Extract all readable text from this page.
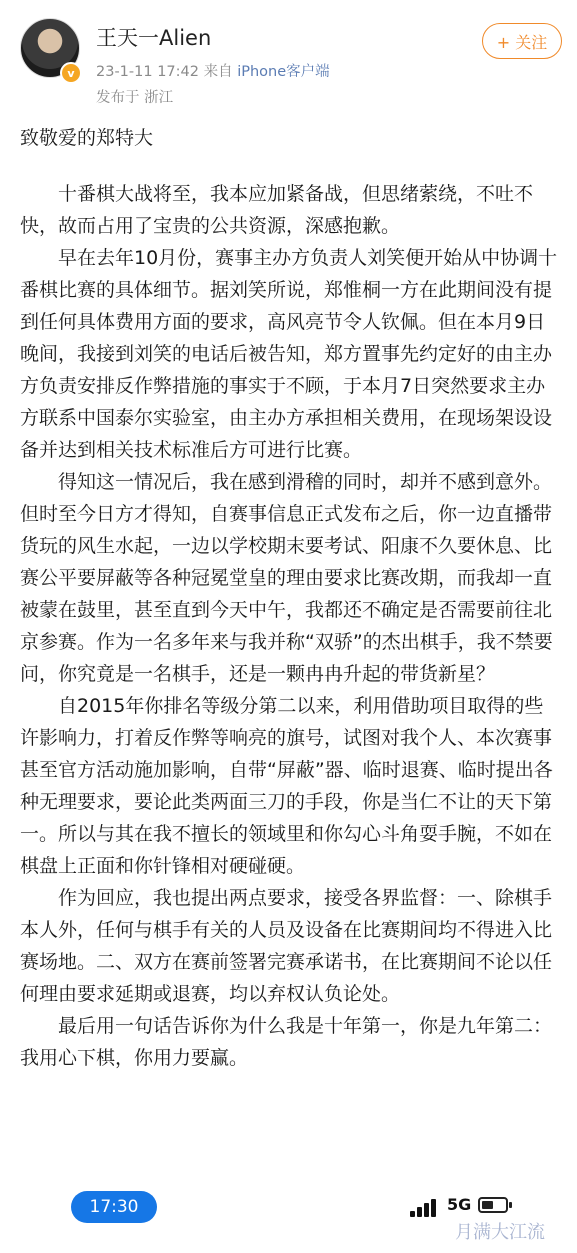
v
王天一Alien
23-1-11 17:42 来自 iPhone客户端
发布于 浙江
+ 关注

致敬爱的郑特大

十番棋大战将至，我本应加紧备战，但思绪萦绕，不吐不快，故而占用了宝贵的公共资源，深感抱歉。

早在去年10月份，赛事主办方负责人刘笑便开始从中协调十番棋比赛的具体细节。据刘笑所说，郑惟桐一方在此期间没有提到任何具体费用方面的要求，高风亮节令人钦佩。但在本月9日晚间，我接到刘笑的电话后被告知，郑方置事先约定好的由主办方负责安排反作弊措施的事实于不顾，于本月7日突然要求主办方联系中国泰尔实验室，由主办方承担相关费用，在现场架设设备并达到相关技术标准后方可进行比赛。

得知这一情况后，我在感到滑稽的同时，却并不感到意外。但时至今日方才得知，自赛事信息正式发布之后，你一边直播带货玩的风生水起，一边以学校期末要考试、阳康不久要休息、比赛公平要屏蔽等各种冠冕堂皇的理由要求比赛改期，而我却一直被蒙在鼓里，甚至直到今天中午，我都还不确定是否需要前往北京参赛。作为一名多年来与我并称“双骄”的杰出棋手，我不禁要问，你究竟是一名棋手，还是一颗冉冉升起的带货新星？

自2015年你排名等级分第二以来，利用借助项目取得的些许影响力，打着反作弊等响亮的旗号，试图对我个人、本次赛事甚至官方活动施加影响，自带“屏蔽”器、临时退赛、临时提出各种无理要求，要论此类两面三刀的手段，你是当仁不让的天下第一。所以与其在我不擅长的领域里和你勾心斗角耍手腕，不如在棋盘上正面和你针锋相对硬碰硬。

作为回应，我也提出两点要求，接受各界监督：一、除棋手本人外，任何与棋手有关的人员及设备在比赛期间均不得进入比赛场地。二、双方在赛前签署完赛承诺书，在比赛期间不论以任何理由要求延期或退赛，均以弃权认负论处。

最后用一句话告诉你为什么我是十年第一，你是九年第二：我用心下棋，你用力要赢。

17:30	5G
月满大江流
